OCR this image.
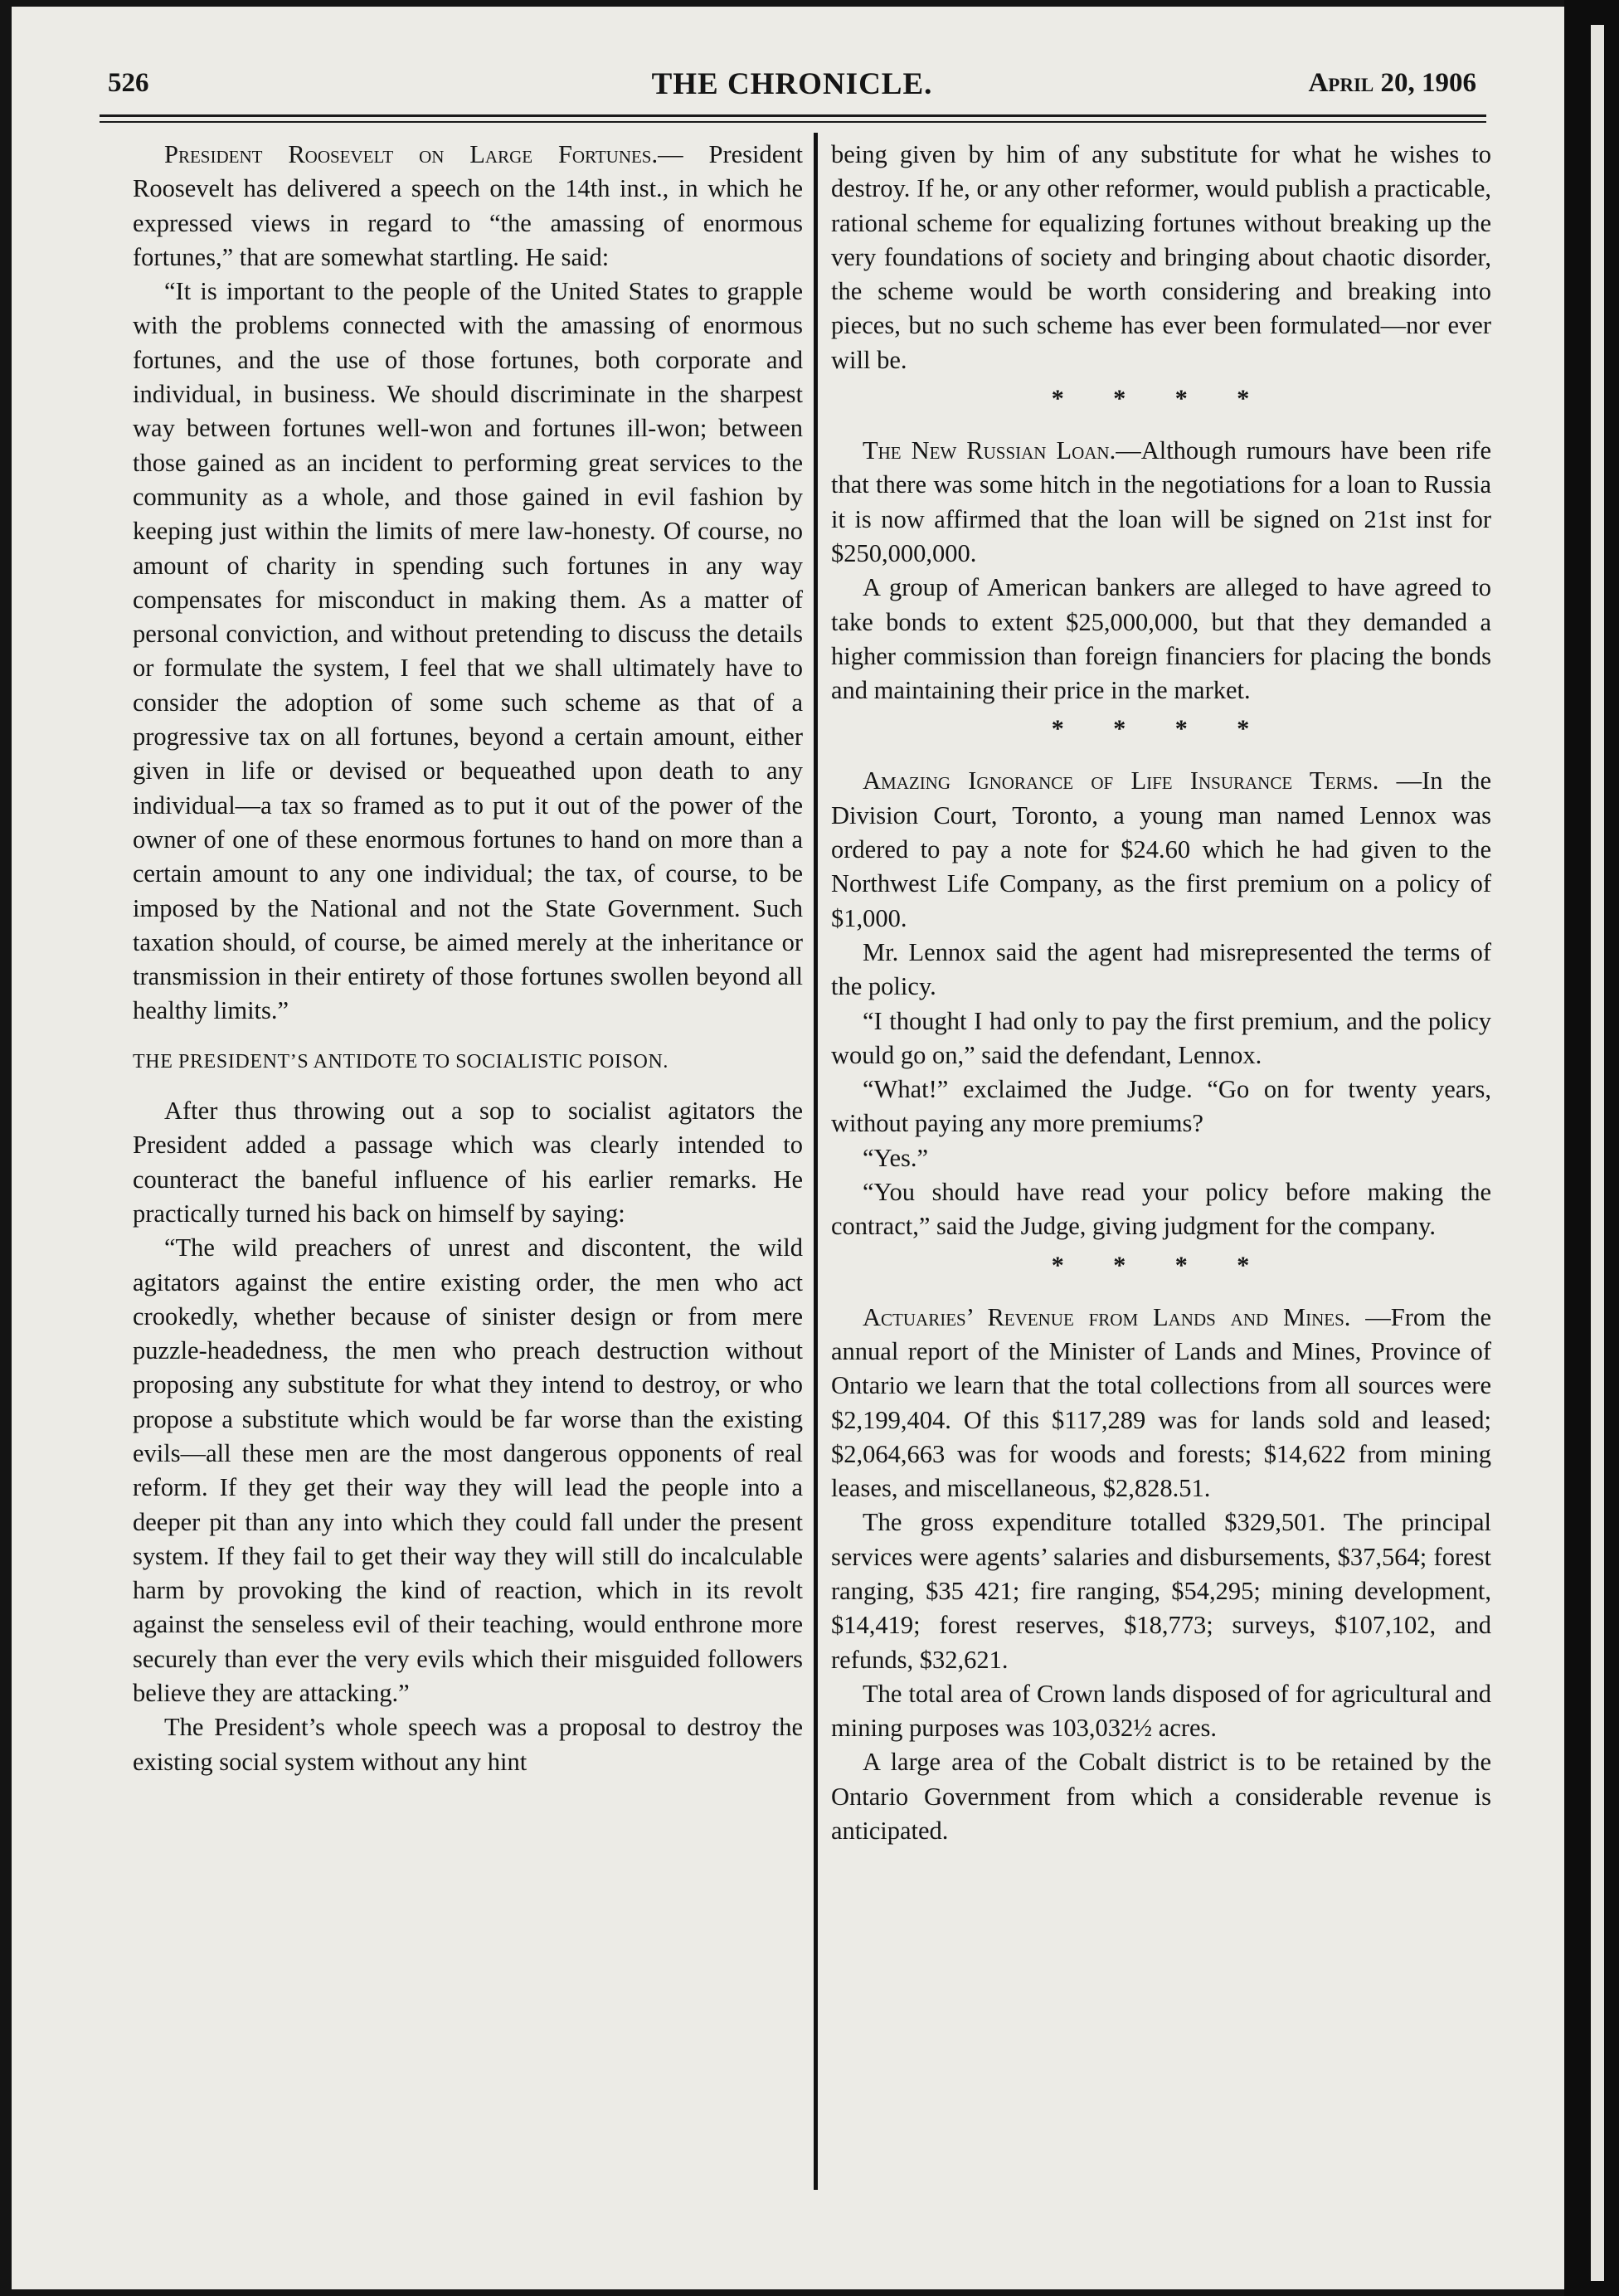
526	THE CHRONICLE.	April 20, 1906

President Roosevelt on Large Fortunes.— President Roosevelt has delivered a speech on the 14th inst., in which he expressed views in regard to “the amassing of enormous fortunes,” that are somewhat startling. He said:

“It is important to the people of the United States to grapple with the problems connected with the amassing of enormous fortunes, and the use of those fortunes, both corporate and individual, in business. We should discriminate in the sharpest way between fortunes well-won and fortunes ill-won; between those gained as an incident to performing great services to the community as a whole, and those gained in evil fashion by keeping just within the limits of mere law-honesty. Of course, no amount of charity in spending such fortunes in any way compensates for misconduct in making them. As a matter of personal conviction, and without pretending to discuss the details or formulate the system, I feel that we shall ultimately have to consider the adoption of some such scheme as that of a progressive tax on all fortunes, beyond a certain amount, either given in life or devised or bequeathed upon death to any individual—a tax so framed as to put it out of the power of the owner of one of these enormous fortunes to hand on more than a certain amount to any one individual; the tax, of course, to be imposed by the National and not the State Government. Such taxation should, of course, be aimed merely at the inheritance or transmission in their entirety of those fortunes swollen beyond all healthy limits.”

THE PRESIDENT’S ANTIDOTE TO SOCIALISTIC POISON.

After thus throwing out a sop to socialist agitators the President added a passage which was clearly intended to counteract the baneful influence of his earlier remarks. He practically turned his back on himself by saying:

“The wild preachers of unrest and discontent, the wild agitators against the entire existing order, the men who act crookedly, whether because of sinister design or from mere puzzle-headedness, the men who preach destruction without proposing any substitute for what they intend to destroy, or who propose a substitute which would be far worse than the existing evils—all these men are the most dangerous opponents of real reform. If they get their way they will lead the people into a deeper pit than any into which they could fall under the present system. If they fail to get their way they will still do incalculable harm by provoking the kind of reaction, which in its revolt against the senseless evil of their teaching, would enthrone more securely than ever the very evils which their misguided followers believe they are attacking.”

The President’s whole speech was a proposal to destroy the existing social system without any hint

being given by him of any substitute for what he wishes to destroy. If he, or any other reformer, would publish a practicable, rational scheme for equalizing fortunes without breaking up the very foundations of society and bringing about chaotic disorder, the scheme would be worth considering and breaking into pieces, but no such scheme has ever been formulated—nor ever will be.

* * * *

The New Russian Loan.—Although rumours have been rife that there was some hitch in the negotiations for a loan to Russia it is now affirmed that the loan will be signed on 21st inst for $250,000,000.

A group of American bankers are alleged to have agreed to take bonds to extent $25,000,000, but that they demanded a higher commission than foreign financiers for placing the bonds and maintaining their price in the market.

* * * *

Amazing Ignorance of Life Insurance Terms. —In the Division Court, Toronto, a young man named Lennox was ordered to pay a note for $24.60 which he had given to the Northwest Life Company, as the first premium on a policy of $1,000.

Mr. Lennox said the agent had misrepresented the terms of the policy.

“I thought I had only to pay the first premium, and the policy would go on,” said the defendant, Lennox.

“What!” exclaimed the Judge. “Go on for twenty years, without paying any more premiums?

“Yes.”

“You should have read your policy before making the contract,” said the Judge, giving judgment for the company.

* * * *

Actuaries’ Revenue from Lands and Mines. —From the annual report of the Minister of Lands and Mines, Province of Ontario we learn that the total collections from all sources were $2,199,404. Of this $117,289 was for lands sold and leased; $2,064,663 was for woods and forests; $14,622 from mining leases, and miscellaneous, $2,828.51.

The gross expenditure totalled $329,501. The principal services were agents’ salaries and disbursements, $37,564; forest ranging, $35 421; fire ranging, $54,295; mining development, $14,419; forest reserves, $18,773; surveys, $107,102, and refunds, $32,621.

The total area of Crown lands disposed of for agricultural and mining purposes was 103,032½ acres.

A large area of the Cobalt district is to be retained by the Ontario Government from which a considerable revenue is anticipated.
